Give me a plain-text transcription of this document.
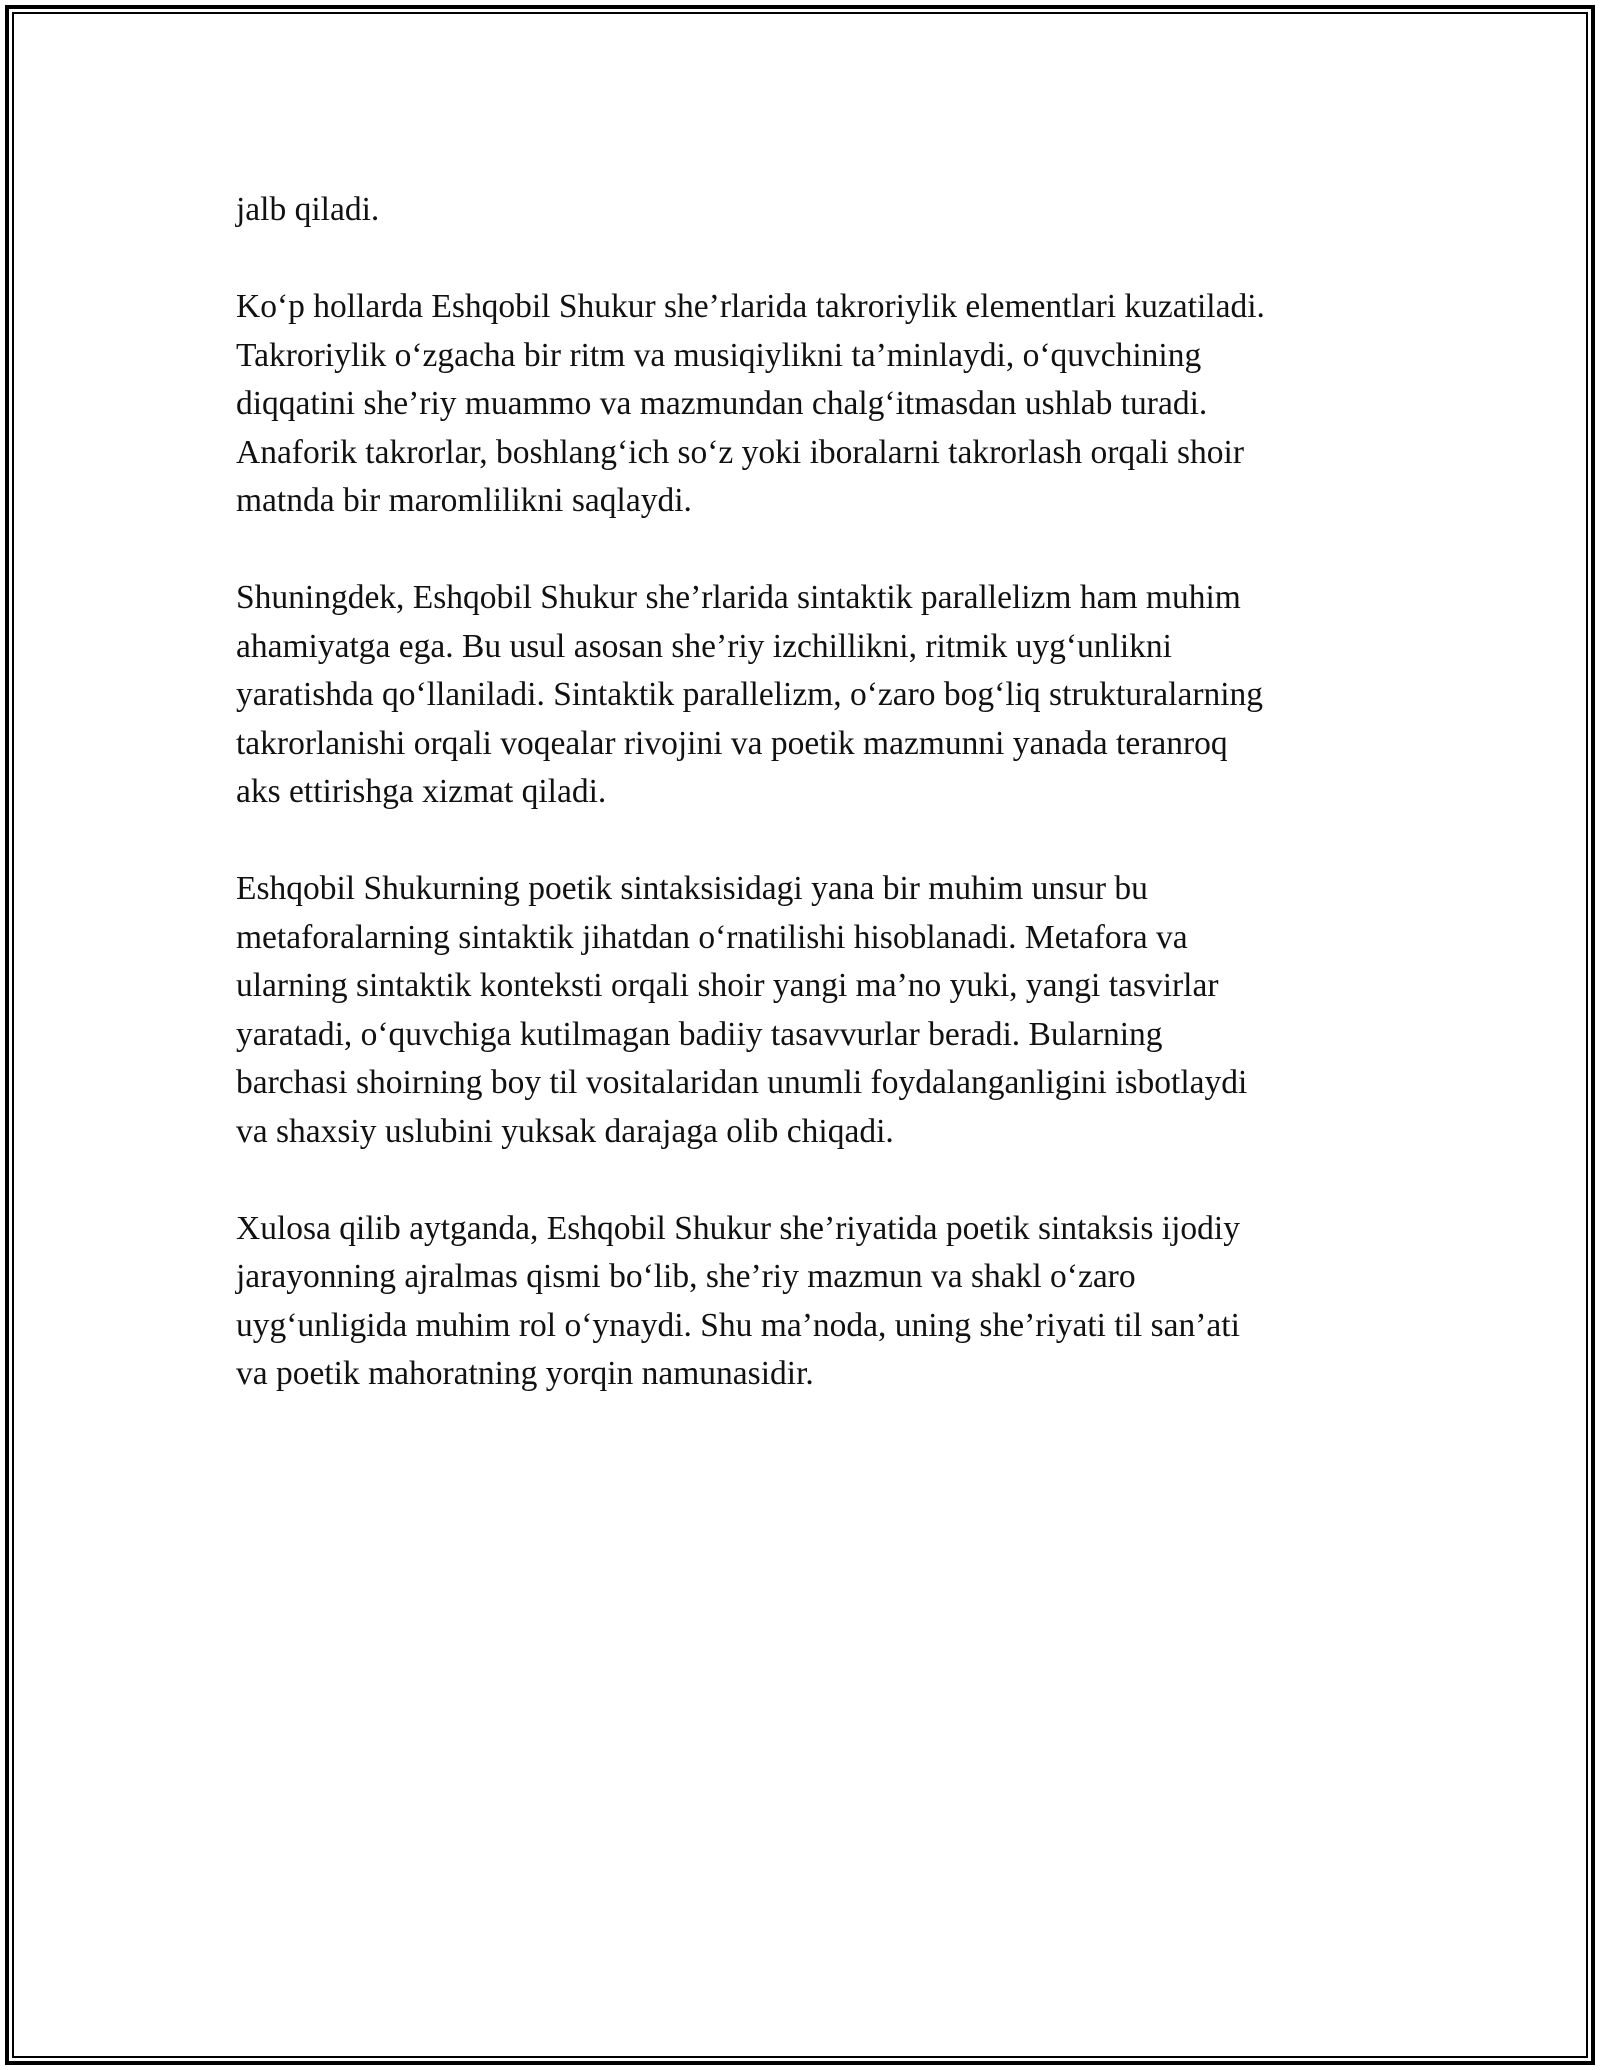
jalb qiladi.

Ko‘p hollarda Eshqobil Shukur she’rlarida takroriylik elementlari kuzatiladi.
Takroriylik o‘zgacha bir ritm va musiqiylikni ta’minlaydi, o‘quvchining
diqqatini she’riy muammo va mazmundan chalg‘itmasdan ushlab turadi.
Anaforik takrorlar, boshlang‘ich so‘z yoki iboralarni takrorlash orqali shoir
matnda bir maromlilikni saqlaydi.

Shuningdek, Eshqobil Shukur she’rlarida sintaktik parallelizm ham muhim
ahamiyatga ega. Bu usul asosan she’riy izchillikni, ritmik uyg‘unlikni
yaratishda qo‘llaniladi. Sintaktik parallelizm, o‘zaro bog‘liq strukturalarning
takrorlanishi orqali voqealar rivojini va poetik mazmunni yanada teranroq
aks ettirishga xizmat qiladi.

Eshqobil Shukurning poetik sintaksisidagi yana bir muhim unsur bu
metaforalarning sintaktik jihatdan o‘rnatilishi hisoblanadi. Metafora va
ularning sintaktik konteksti orqali shoir yangi ma’no yuki, yangi tasvirlar
yaratadi, o‘quvchiga kutilmagan badiiy tasavvurlar beradi. Bularning
barchasi shoirning boy til vositalaridan unumli foydalanganligini isbotlaydi
va shaxsiy uslubini yuksak darajaga olib chiqadi.

Xulosa qilib aytganda, Eshqobil Shukur she’riyatida poetik sintaksis ijodiy
jarayonning ajralmas qismi bo‘lib, she’riy mazmun va shakl o‘zaro
uyg‘unligida muhim rol o‘ynaydi. Shu ma’noda, uning she’riyati til san’ati
va poetik mahoratning yorqin namunasidir.
